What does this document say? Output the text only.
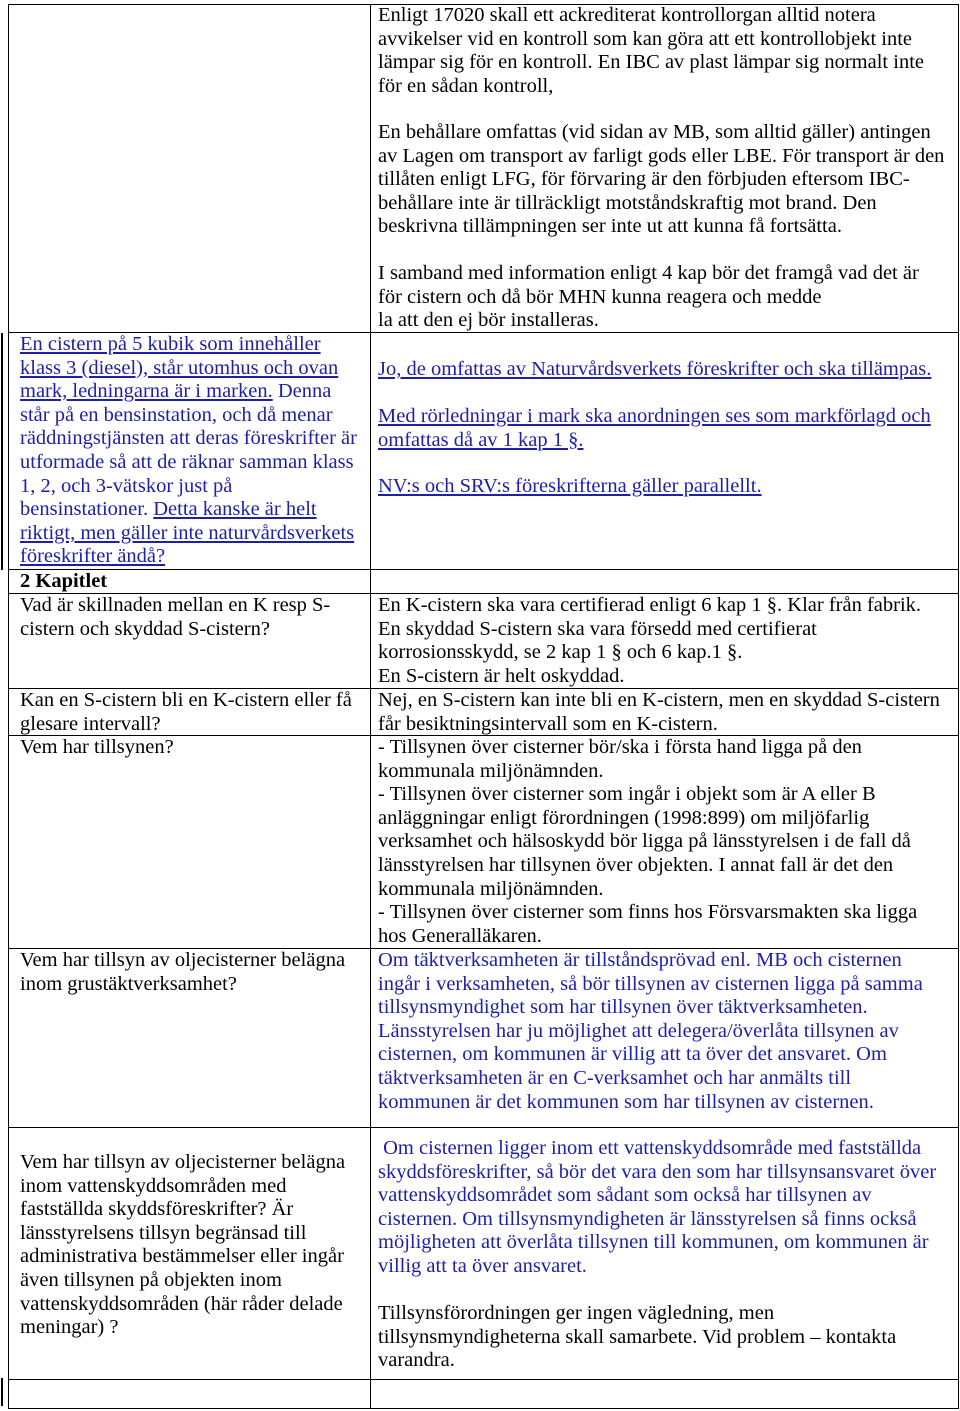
Enligt 17020 skall ett ackrediterat kontrollorgan alltid notera
avvikelser vid en kontroll som kan göra att ett kontrollobjekt inte
lämpar sig för en kontroll. En IBC av plast lämpar sig normalt inte
för en sådan kontroll,

En behållare omfattas (vid sidan av MB, som alltid gäller) antingen
av Lagen om transport av farligt gods eller LBE. För transport är den
tillåten enligt LFG, för förvaring är den förbjuden eftersom IBC-
behållare inte är tillräckligt motståndskraftig mot brand. Den
beskrivna tillämpningen ser inte ut att kunna få fortsätta.

I samband med information enligt 4 kap bör det framgå vad det är
för cistern och då bör MHN kunna reagera och medde
la att den ej bör installeras.

En cistern på 5 kubik som innehåller
klass 3 (diesel), står utomhus och ovan
mark, ledningarna är i marken. Denna
står på en bensinstation, och då menar
räddningstjänsten att deras föreskrifter är
utformade så att de räknar samman klass
1, 2, och 3-vätskor just på
bensinstationer. Detta kanske är helt
riktigt, men gäller inte naturvårdsverkets
föreskrifter ändå?

Jo, de omfattas av Naturvårdsverkets föreskrifter och ska tillämpas.

Med rörledningar i mark ska anordningen ses som markförlagd och
omfattas då av 1 kap 1 §.

NV:s och SRV:s föreskrifterna gäller parallellt.

2 Kapitlet

Vad är skillnaden mellan en K resp S-
cistern och skyddad S-cistern?

En K-cistern ska vara certifierad enligt 6 kap 1 §. Klar från fabrik.
En skyddad S-cistern ska vara försedd med certifierat
korrosionsskydd, se 2 kap 1 § och 6 kap.1 §.
En S-cistern är helt oskyddad.

Kan en S-cistern bli en K-cistern eller få
glesare intervall?

Nej, en S-cistern kan inte bli en K-cistern, men en skyddad S-cistern
får besiktningsintervall som en K-cistern.

Vem har tillsynen?	- Tillsynen över cisterner bör/ska i första hand ligga på den
kommunala miljönämnden.
- Tillsynen över cisterner som ingår i objekt som är A eller B
anläggningar enligt förordningen (1998:899) om miljöfarlig
verksamhet och hälsoskydd bör ligga på länsstyrelsen i de fall då
länsstyrelsen har tillsynen över objekten. I annat fall är det den
kommunala miljönämnden.
- Tillsynen över cisterner som finns hos Försvarsmakten ska ligga
hos Generalläkaren.

Vem har tillsyn av oljecisterner belägna
inom grustäktverksamhet?

Om täktverksamheten är tillståndsprövad enl. MB och cisternen
ingår i verksamheten, så bör tillsynen av cisternen ligga på samma
tillsynsmyndighet som har tillsynen över täktverksamheten.
Länsstyrelsen har ju möjlighet att delegera/överlåta tillsynen av
cisternen, om kommunen är villig att ta över det ansvaret. Om
täktverksamheten är en C-verksamhet och har anmälts till
kommunen är det kommunen som har tillsynen av cisternen.

Vem har tillsyn av oljecisterner belägna
inom vattenskyddsområden med
fastställda skyddsföreskrifter? Är
länsstyrelsens tillsyn begränsad till
administrativa bestämmelser eller ingår
även tillsynen på objekten inom
vattenskyddsområden (här råder delade
meningar) ?

Om cisternen ligger inom ett vattenskyddsområde med fastställda
skyddsföreskrifter, så bör det vara den som har tillsynsansvaret över
vattenskyddsområdet som sådant som också har tillsynen av
cisternen. Om tillsynsmyndigheten är länsstyrelsen så finns också
möjligheten att överlåta tillsynen till kommunen, om kommunen är
villig att ta över ansvaret.

Tillsynsförordningen ger ingen vägledning, men
tillsynsmyndigheterna skall samarbete. Vid problem – kontakta
varandra.
